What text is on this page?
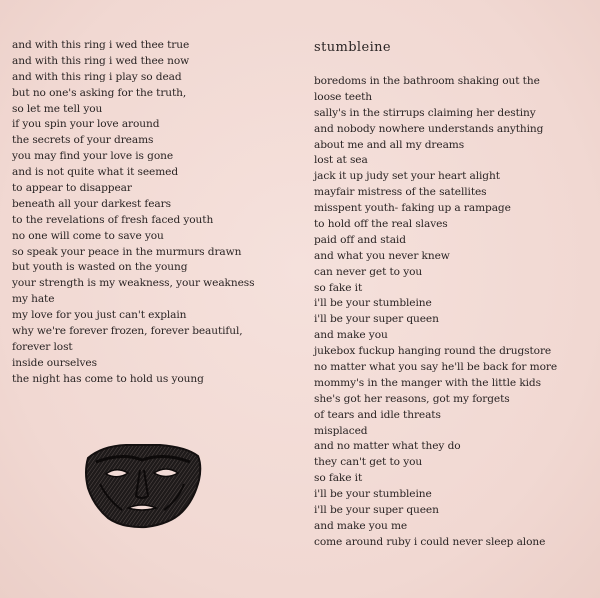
and with this ring i wed thee true
and with this ring i wed thee now
and with this ring i play so dead
but no one's asking for the truth,
so let me tell you
if you spin your love around
the secrets of your dreams
you may find your love is gone
and is not quite what it seemed
to appear to disappear
beneath all your darkest fears
to the revelations of fresh faced youth
no one will come to save you
so speak your peace in the murmurs drawn
but youth is wasted on the young
your strength is my weakness, your weakness
my hate
my love for you just can't explain
why we're forever frozen, forever beautiful,
forever lost
inside ourselves
the night has come to hold us young
stumbleine
boredoms in the bathroom shaking out the
loose teeth
sally's in the stirrups claiming her destiny
and nobody nowhere understands anything
about me and all my dreams
lost at sea
jack it up judy set your heart alight
mayfair mistress of the satellites
misspent youth- faking up a rampage
to hold off the real slaves
paid off and staid
and what you never knew
can never get to you
so fake it
i'll be your stumbleine
i'll be your super queen
and make you
jukebox fuckup hanging round the drugstore
no matter what you say he'll be back for more
mommy's in the manger with the little kids
she's got her reasons, got my forgets
of tears and idle threats
misplaced
and no matter what they do
they can't get to you
so fake it
i'll be your stumbleine
i'll be your super queen
and make you me
come around ruby i could never sleep alone
